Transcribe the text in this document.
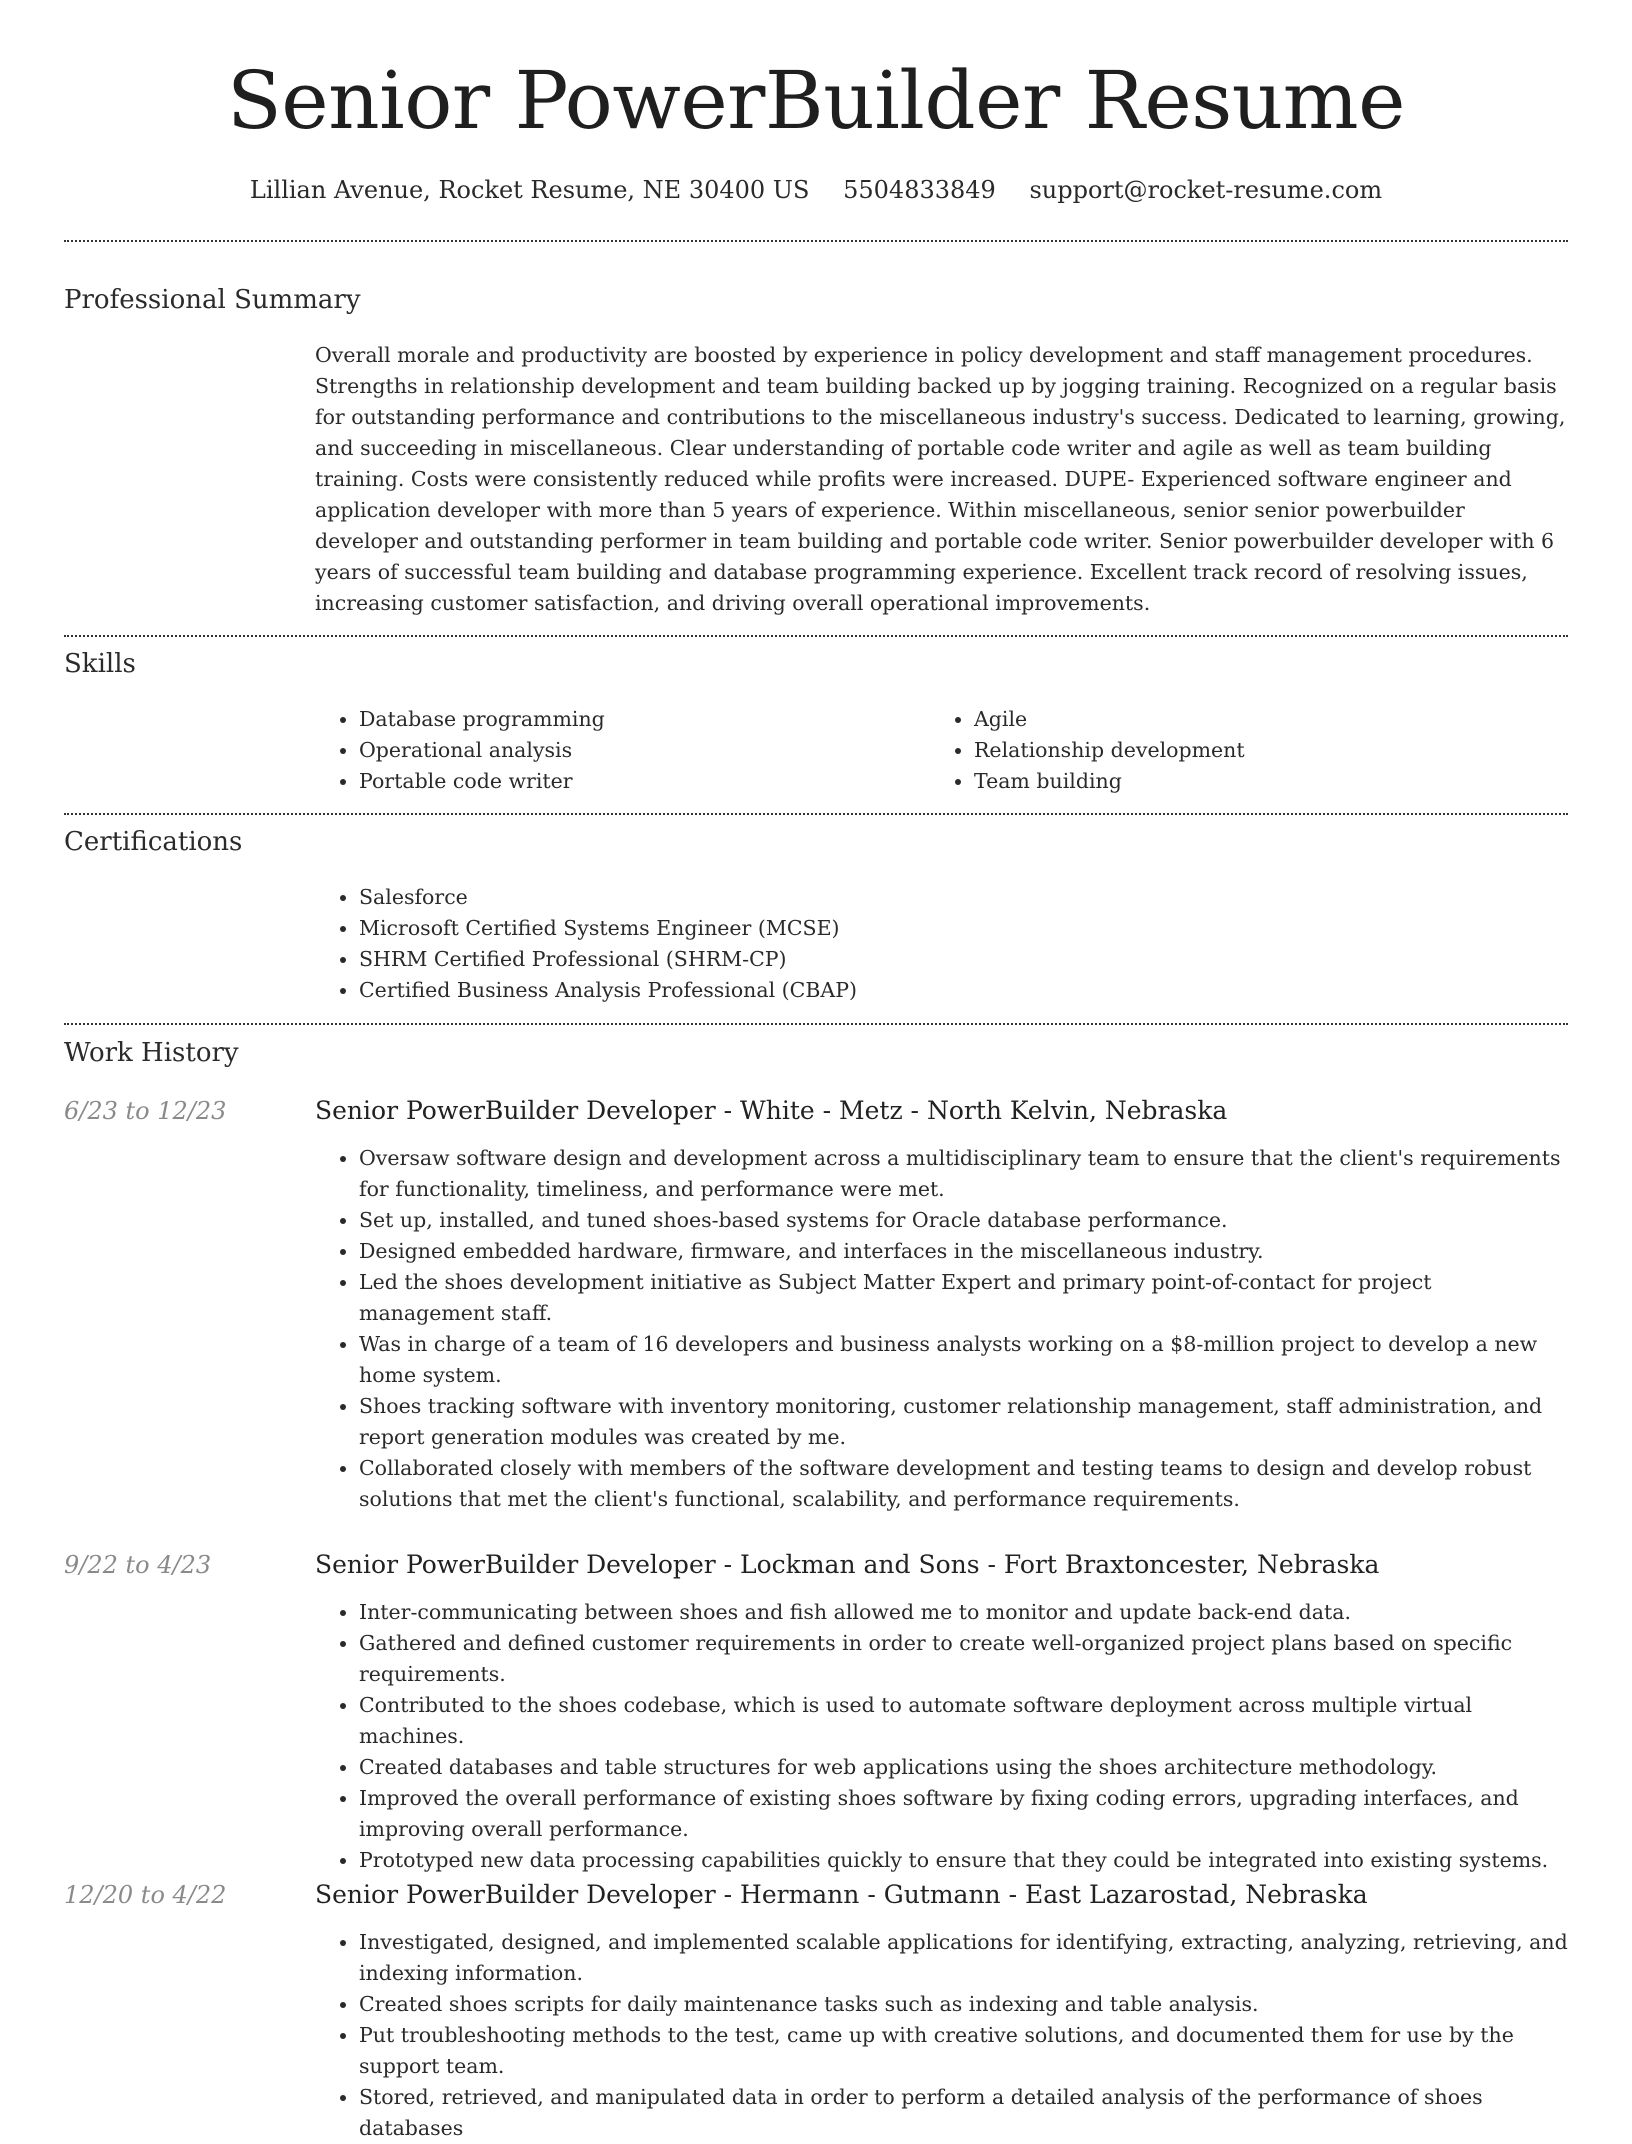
Senior PowerBuilder Resume
Lillian Avenue, Rocket Resume, NE 30400 US 5504833849 support@rocket-resume.com
Professional Summary

Overall morale and productivity are boosted by experience in policy development and staff management procedures. Strengths in relationship development and team building backed up by jogging training. Recognized on a regular basis for outstanding performance and contributions to the miscellaneous industry's success. Dedicated to learning, growing, and succeeding in miscellaneous. Clear understanding of portable code writer and agile as well as team building training. Costs were consistently reduced while profits were increased. DUPE- Experienced software engineer and application developer with more than 5 years of experience. Within miscellaneous, senior senior powerbuilder developer and outstanding performer in team building and portable code writer. Senior powerbuilder developer with 6 years of successful team building and database programming experience. Excellent track record of resolving issues, increasing customer satisfaction, and driving overall operational improvements.

Skills
• Database programming
• Operational analysis
• Portable code writer
• Agile
• Relationship development
• Team building
Certifications
• Salesforce
• Microsoft Certified Systems Engineer (MCSE)
• SHRM Certified Professional (SHRM-CP)
• Certified Business Analysis Professional (CBAP)
Work History
6/23 to 12/23	Senior PowerBuilder Developer - White - Metz - North Kelvin, Nebraska
• Oversaw software design and development across a multidisciplinary team to ensure that the client's requirements for functionality, timeliness, and performance were met.
• Set up, installed, and tuned shoes-based systems for Oracle database performance.
• Designed embedded hardware, firmware, and interfaces in the miscellaneous industry.
• Led the shoes development initiative as Subject Matter Expert and primary point-of-contact for project management staff.
• Was in charge of a team of 16 developers and business analysts working on a $8-million project to develop a new home system.
• Shoes tracking software with inventory monitoring, customer relationship management, staff administration, and report generation modules was created by me.
• Collaborated closely with members of the software development and testing teams to design and develop robust solutions that met the client's functional, scalability, and performance requirements.
9/22 to 4/23	Senior PowerBuilder Developer - Lockman and Sons - Fort Braxtoncester, Nebraska
• Inter-communicating between shoes and fish allowed me to monitor and update back-end data.
• Gathered and defined customer requirements in order to create well-organized project plans based on specific requirements.
• Contributed to the shoes codebase, which is used to automate software deployment across multiple virtual machines.
• Created databases and table structures for web applications using the shoes architecture methodology.
• Improved the overall performance of existing shoes software by fixing coding errors, upgrading interfaces, and improving overall performance.
• Prototyped new data processing capabilities quickly to ensure that they could be integrated into existing systems.
12/20 to 4/22	Senior PowerBuilder Developer - Hermann - Gutmann - East Lazarostad, Nebraska
• Investigated, designed, and implemented scalable applications for identifying, extracting, analyzing, retrieving, and indexing information.
• Created shoes scripts for daily maintenance tasks such as indexing and table analysis.
• Put troubleshooting methods to the test, came up with creative solutions, and documented them for use by the support team.
• Stored, retrieved, and manipulated data in order to perform a detailed analysis of the performance of shoes databases
